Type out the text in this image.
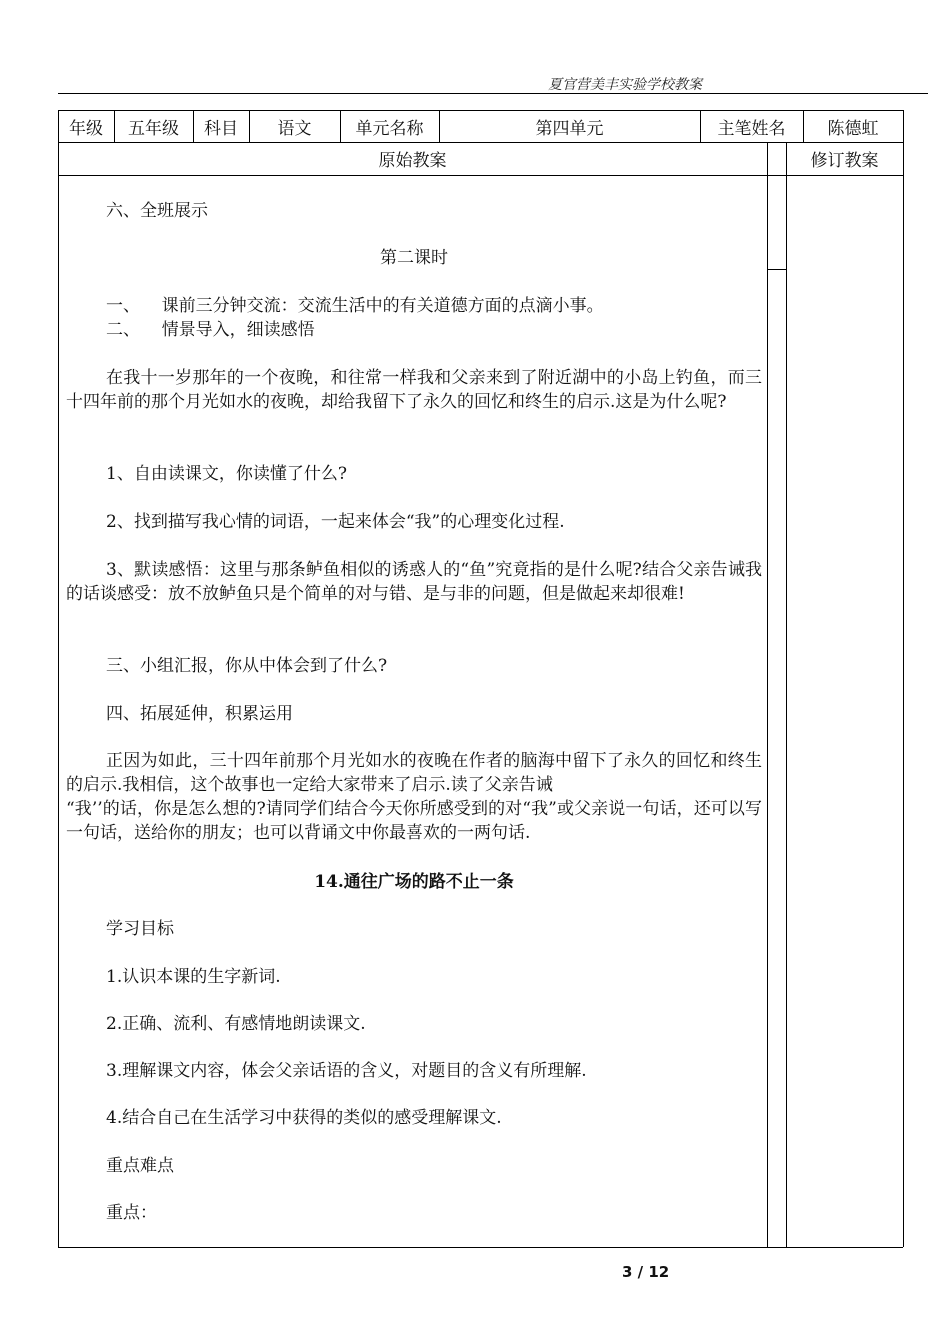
夏官营美丰实验学校教案
年级	五年级	科目	语文	单元名称	第四单元	主笔姓名	陈德虹
原始教案	修订教案
六、全班展示
第二课时
一、    课前三分钟交流：交流生活中的有关道德方面的点滴小事。
二、    情景导入，细读感悟
在我十一岁那年的一个夜晚，和往常一样我和父亲来到了附近湖中的小岛上钓鱼，而三十四年前的那个月光如水的夜晚，却给我留下了永久的回忆和终生的启示.这是为什么呢?
1、自由读课文，你读懂了什么?
2、找到描写我心情的词语，一起来体会“我”的心理变化过程.
3、默读感悟：这里与那条鲈鱼相似的诱惑人的“鱼”究竟指的是什么呢?结合父亲告诫我的话谈感受：放不放鲈鱼只是个简单的对与错、是与非的问题，但是做起来却很难!
三、小组汇报，你从中体会到了什么?
四、拓展延伸，积累运用
正因为如此，三十四年前那个月光如水的夜晚在作者的脑海中留下了永久的回忆和终生的启示.我相信，这个故事也一定给大家带来了启示.读了父亲告诫
“我’’的话，你是怎么想的?请同学们结合今天你所感受到的对“我”或父亲说一句话，还可以写一句话，送给你的朋友；也可以背诵文中你最喜欢的一两句话.
14.通往广场的路不止一条
学习目标
1.认识本课的生字新词.
2.正确、流利、有感情地朗读课文.
3.理解课文内容，体会父亲话语的含义，对题目的含义有所理解.
4.结合自己在生活学习中获得的类似的感受理解课文.
重点难点
重点：
3 / 12
